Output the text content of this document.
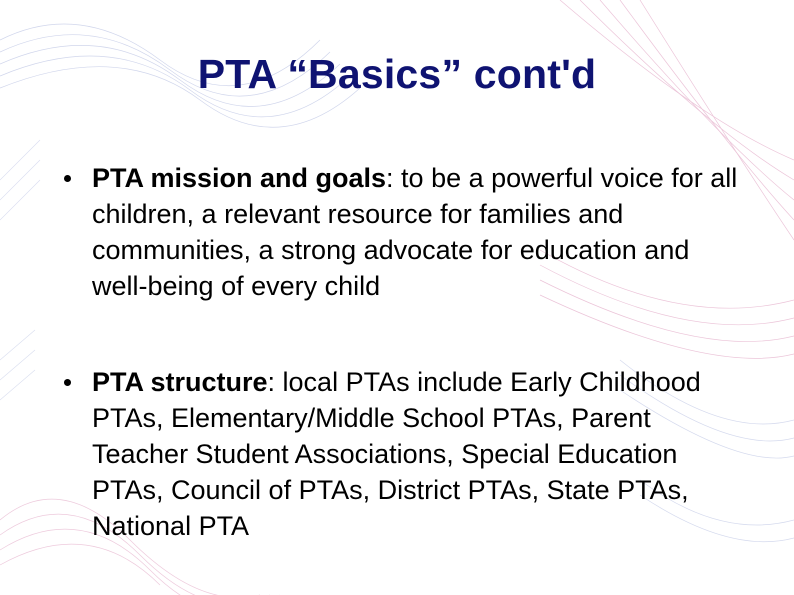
PTA “Basics” cont'd
PTA mission and goals: to be a powerful voice for all children, a relevant resource for families and communities, a strong advocate for education and well-being of every child
PTA structure: local PTAs include Early Childhood PTAs, Elementary/Middle School PTAs, Parent Teacher Student Associations, Special Education PTAs, Council of PTAs, District PTAs, State PTAs, National PTA
